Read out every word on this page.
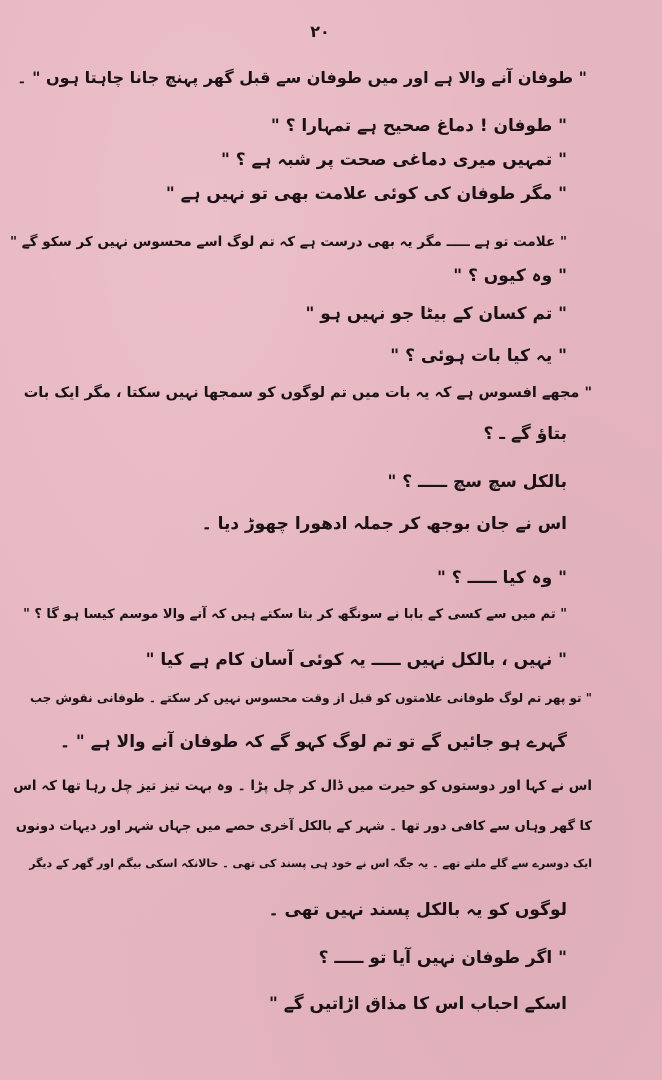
۲۰
" طوفان آنے والا ہے اور میں طوفان سے قبل گھر پہنچ جانا چاہتا ہوں " ۔
" طوفان ! دماغ صحیح ہے تمہارا ؟ "
" تمہیں میری دماغی صحت پر شبہ ہے ؟ "
" مگر طوفان کی کوئی علامت بھی تو نہیں ہے "
" علامت تو ہے ـــــ مگر یہ بھی درست ہے کہ تم لوگ اسے محسوس نہیں کر سکو گے "
" وہ کیوں ؟ "
" تم کسان کے بیٹا جو نہیں ہو "
" یہ کیا بات ہوئی ؟ "
" مجھے افسوس ہے کہ یہ بات میں تم لوگوں کو سمجھا نہیں سکتا ، مگر ایک بات
بتاؤ گے ـ ؟
بالکل سچ سچ ـــــ ؟ "
اس نے جان بوجھ کر جملہ ادھورا چھوڑ دیا ۔
" وہ کیا ـــــ ؟ "
" تم میں سے کسی کے بابا نے سونگھ کر بتا سکتے ہیں کہ آنے والا موسم کیسا ہو گا ؟ "
" نہیں ، بالکل نہیں ـــــ یہ کوئی آسان کام ہے کیا "
" تو پھر تم لوگ طوفانی علامتوں کو قبل از وقت محسوس نہیں کر سکتے ۔ طوفانی نقوش جب
گہرے ہو جائیں گے تو تم لوگ کہو گے کہ طوفان آنے والا ہے " ۔
اس نے کہا اور دوستوں کو حیرت میں ڈال کر چل پڑا ۔ وہ بہت تیز تیز چل رہا تھا کہ اس
کا گھر وہاں سے کافی دور تھا ۔ شہر کے بالکل آخری حصے میں جہاں شہر اور دیہات دونوں
ایک دوسرے سے گلے ملتے تھے ۔ یہ جگہ اس نے خود ہی پسند کی تھی ۔ حالانکہ اسکی بیگم اور گھر کے دیگر
لوگوں کو یہ بالکل پسند نہیں تھی ۔
" اگر طوفان نہیں آیا تو ـــــ ؟
اسکے احباب اس کا مذاق اڑاتیں گے "
